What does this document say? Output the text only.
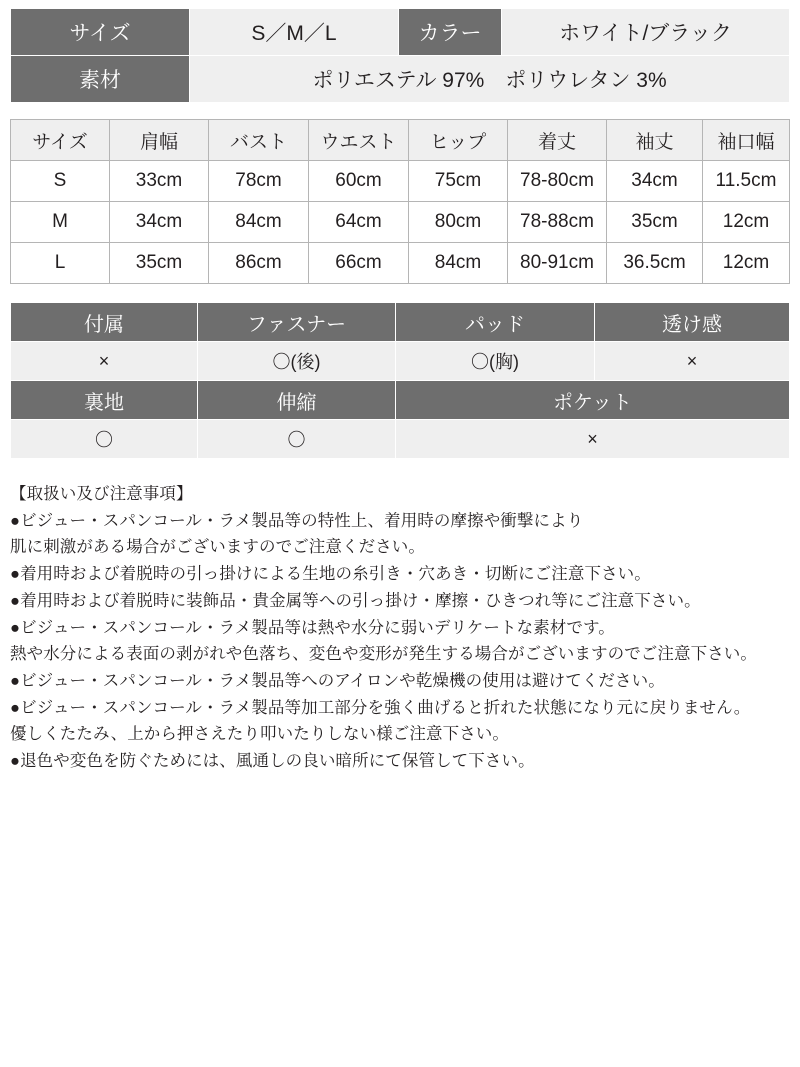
サイズ	S／M／L	カラー	ホワイト/ブラック
素材	ポリエステル 97%　ポリウレタン 3%		
サイズ	肩幅	バスト	ウエスト	ヒップ	着丈	袖丈	袖口幅
S	33cm	78cm	60cm	75cm	78-80cm	34cm	11.5cm
M	34cm	84cm	64cm	80cm	78-88cm	35cm	12cm
L	35cm	86cm	66cm	84cm	80-91cm	36.5cm	12cm
付属	ファスナー	パッド	透け感
×	〇(後)	〇(胸)	×
裏地	伸縮	ポケット	
〇	〇	×	
【取扱い及び注意事項】
●ビジュー・スパンコール・ラメ製品等の特性上、着用時の摩擦や衝撃により
肌に刺激がある場合がございますのでご注意ください。
●着用時および着脱時の引っ掛けによる生地の糸引き・穴あき・切断にご注意下さい。
●着用時および着脱時に装飾品・貴金属等への引っ掛け・摩擦・ひきつれ等にご注意下さい。
●ビジュー・スパンコール・ラメ製品等は熱や水分に弱いデリケートな素材です。
熱や水分による表面の剥がれや色落ち、変色や変形が発生する場合がございますのでご注意下さい。
●ビジュー・スパンコール・ラメ製品等へのアイロンや乾燥機の使用は避けてください。
●ビジュー・スパンコール・ラメ製品等加工部分を強く曲げると折れた状態になり元に戻りません。
優しくたたみ、上から押さえたり叩いたりしない様ご注意下さい。
●退色や変色を防ぐためには、風通しの良い暗所にて保管して下さい。
